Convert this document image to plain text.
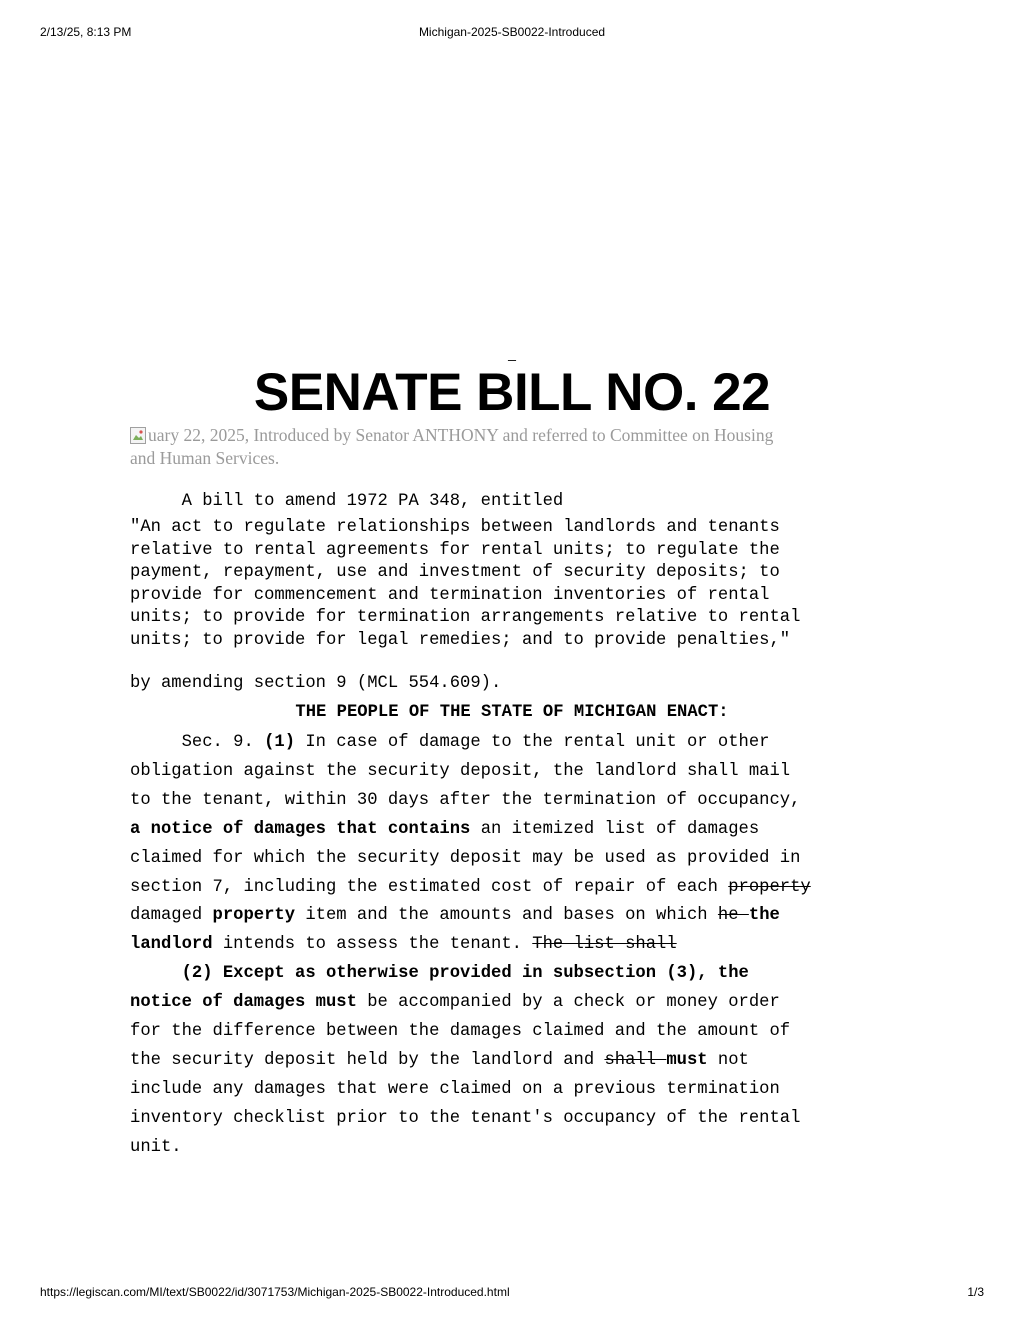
2/13/25, 8:13 PM	Michigan-2025-SB0022-Introduced
_
SENATE BILL NO. 22
uary 22, 2025, Introduced by Senator ANTHONY and referred to Committee on Housing
and Human Services.
A bill to amend 1972 PA 348, entitled
"An act to regulate relationships between landlords and tenants
relative to rental agreements for rental units; to regulate the
payment, repayment, use and investment of security deposits; to
provide for commencement and termination inventories of rental
units; to provide for termination arrangements relative to rental
units; to provide for legal remedies; and to provide penalties,"
by amending section 9 (MCL 554.609).
THE PEOPLE OF THE STATE OF MICHIGAN ENACT:
Sec. 9. (1) In case of damage to the rental unit or other
obligation against the security deposit, the landlord shall mail
to the tenant, within 30 days after the termination of occupancy,
a notice of damages that contains an itemized list of damages
claimed for which the security deposit may be used as provided in
section 7, including the estimated cost of repair of each property
damaged property item and the amounts and bases on which he the
landlord intends to assess the tenant. The list shall
(2) Except as otherwise provided in subsection (3), the
notice of damages must be accompanied by a check or money order
for the difference between the damages claimed and the amount of
the security deposit held by the landlord and shall must not
include any damages that were claimed on a previous termination
inventory checklist prior to the tenant's occupancy of the rental
unit.
https://legiscan.com/MI/text/SB0022/id/3071753/Michigan-2025-SB0022-Introduced.html	1/3
